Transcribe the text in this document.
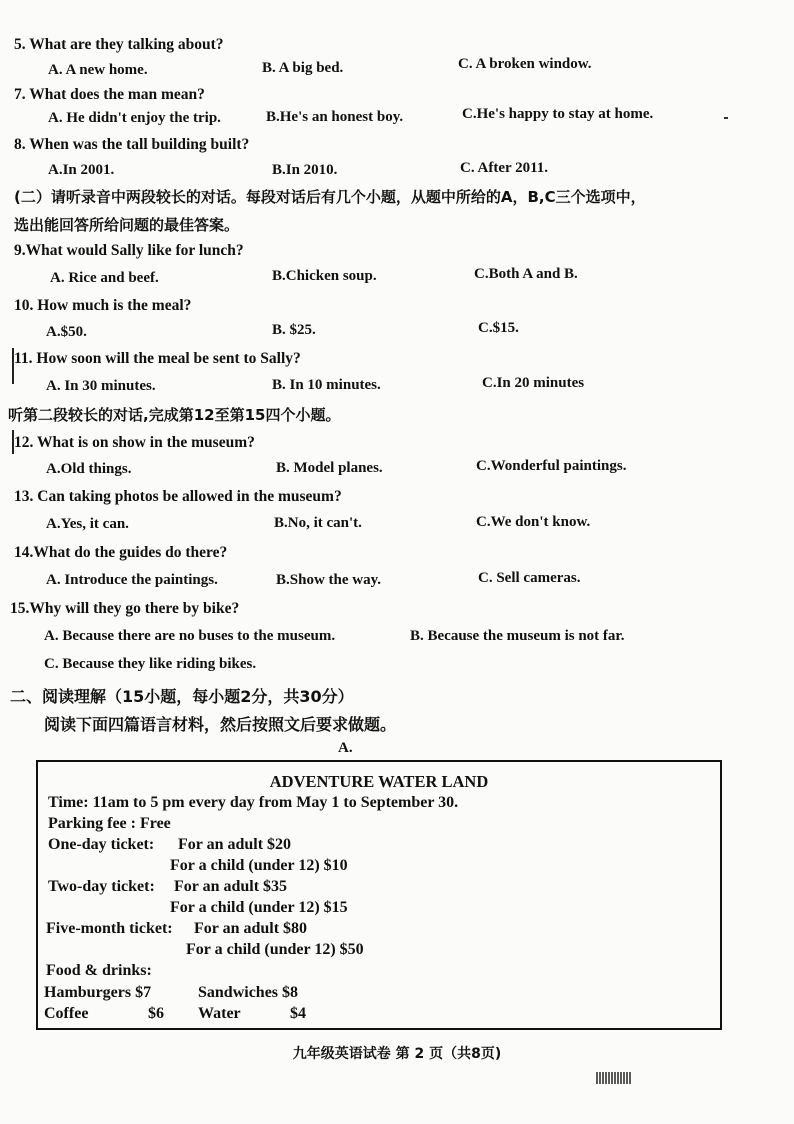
5. What are they talking about?
A. A new home.	B. A big bed.	C. A broken window.
7. What does the man mean?
A. He didn't enjoy the trip.	B.He's an honest boy.	C.He's happy to stay at home.
8. When was the tall building built?
A.In 2001.	B.In 2010.	C. After 2011.
(二）请听录音中两段较长的对话。每段对话后有几个小题，从题中所给的A，B,C三个选项中，
选出能回答所给问题的最佳答案。
9.What would Sally like for lunch?
A. Rice and beef.	B.Chicken soup.	C.Both A and B.
10. How much is the meal?
A.$50.	B. $25.	C.$15.
11. How soon will the meal be sent to Sally?
A. In 30 minutes.	B. In 10 minutes.	C.In 20 minutes
听第二段较长的对话,完成第12至第15四个小题。
12. What is on show in the museum?
A.Old things.	B. Model planes.	C.Wonderful paintings.
13. Can taking photos be allowed in the museum?
A.Yes, it can.	B.No, it can't.	C.We don't know.
14.What do the guides do there?
A. Introduce the paintings.	B.Show the way.	C. Sell cameras.
15.Why will they go there by bike?
A. Because there are no buses to the museum.	B. Because the museum is not far.
C. Because they like riding bikes.
二、阅读理解（15小题，每小题2分，共30分）
阅读下面四篇语言材料，然后按照文后要求做题。
A.
ADVENTURE WATER LAND
Time: 11am to 5 pm every day from May 1 to September 30.
Parking fee : Free
One-day ticket: For an adult $20
For a child (under 12) $10
Two-day ticket: For an adult $35
For a child (under 12) $15
Five-month ticket: For an adult $80
For a child (under 12) $50
Food & drinks:
Hamburgers $7	Sandwiches $8
Coffee	$6 Water	$4
九年级英语试卷 第 2 页（共8页)
